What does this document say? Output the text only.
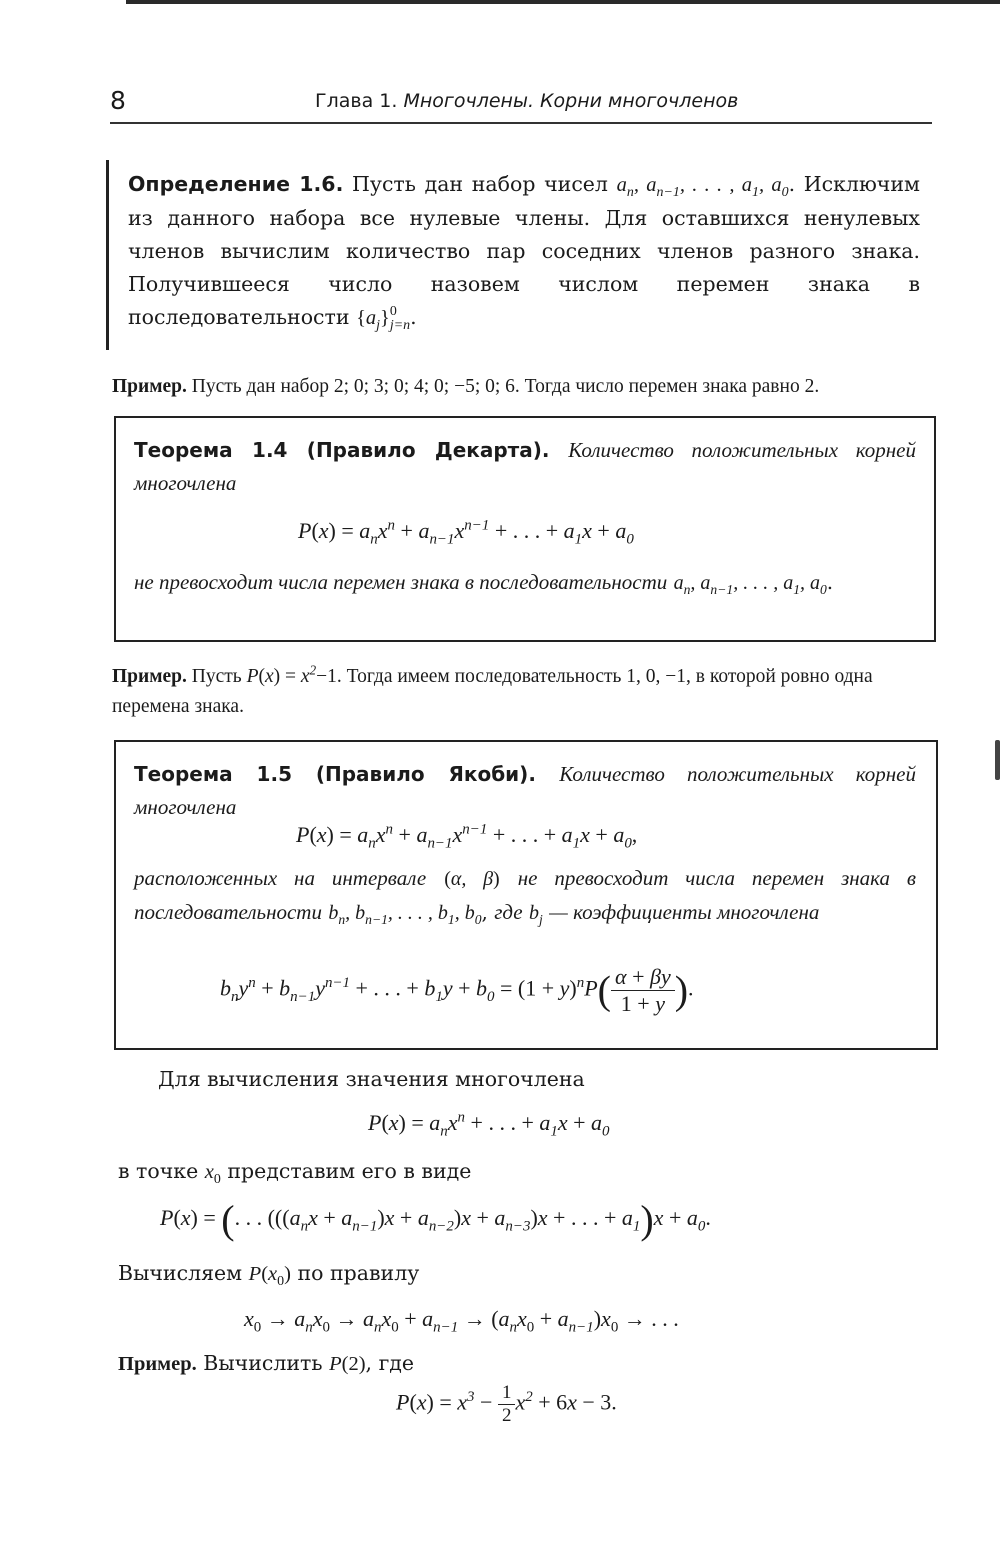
8	Глава 1. Многочлены. Корни многочленов
Определение 1.6. Пусть дан набор чисел $a_n$, $a_{n-1}$, . . . , $a_1$, $a_0$. Исключим из данного набора все нулевые члены. Для оставшихся ненулевых членов вычислим количество пар соседних членов разного знака. Получившееся число назовем числом перемен знака в последовательности $\{a_j\}$ 0
j=n .
Пример. Пусть дан набор 2; 0; 3; 0; 4; 0; −5; 0; 6. Тогда число перемен знака равно 2.
Теорема 1.4 (Правило Декарта). Количество положительных корней многочлена
$P(x) = a_nx^n + a_{n-1}x^{n-1}$ + . . . + $a_1x + a_0$
не превосходит числа перемен знака в последовательности $a_n$, $a_{n-1}$, . . . , $a_1$, $a_0$.
Пример. Пусть $P(x) = x^2-1$. Тогда имеем последовательность 1, 0, −1, в которой ровно одна перемена знака.
Теорема 1.5 (Правило Якоби). Количество положительных корней многочлена
$P(x) = a_nx^n + a_{n-1}x^{n-1}$ + . . . + $a_1x + a_0$,
расположенных на интервале (α, β) не превосходит числа перемен знака в последовательности $b_n$, $b_{n-1}$, . . . , $b_1$, $b_0$, где $b_j$ — коэффициенты многочлена
$b_ny^n + b_{n-1}y^{n-1}$ + . . . + $b_1y + b_0 = (1 + y)^nP( \frac{\alpha + \beta y}{1 + y}$ ).
Для вычисления значения многочлена
$P(x) = a_nx^n$ + . . . + $a_1x + a_0$
в точке $x_0$ представим его в виде
P(x) = (. . . $(((a_nx + a_{n-1})x + a_{n-2})x + a_{n-3})x$ + . . . + $a_1)x + a_0$.
Вычисляем $P(x_0)$ по правилу
$x_0 \to a_nx_0 \to a_nx_0 + a_{n-1} \to (a_nx_0 + a_{n-1})x_0$ → . . .
Пример. Вычислить P(2), где
$P(x) = x^3 - \frac{1}{2} x^2 + 6x - 3$.
